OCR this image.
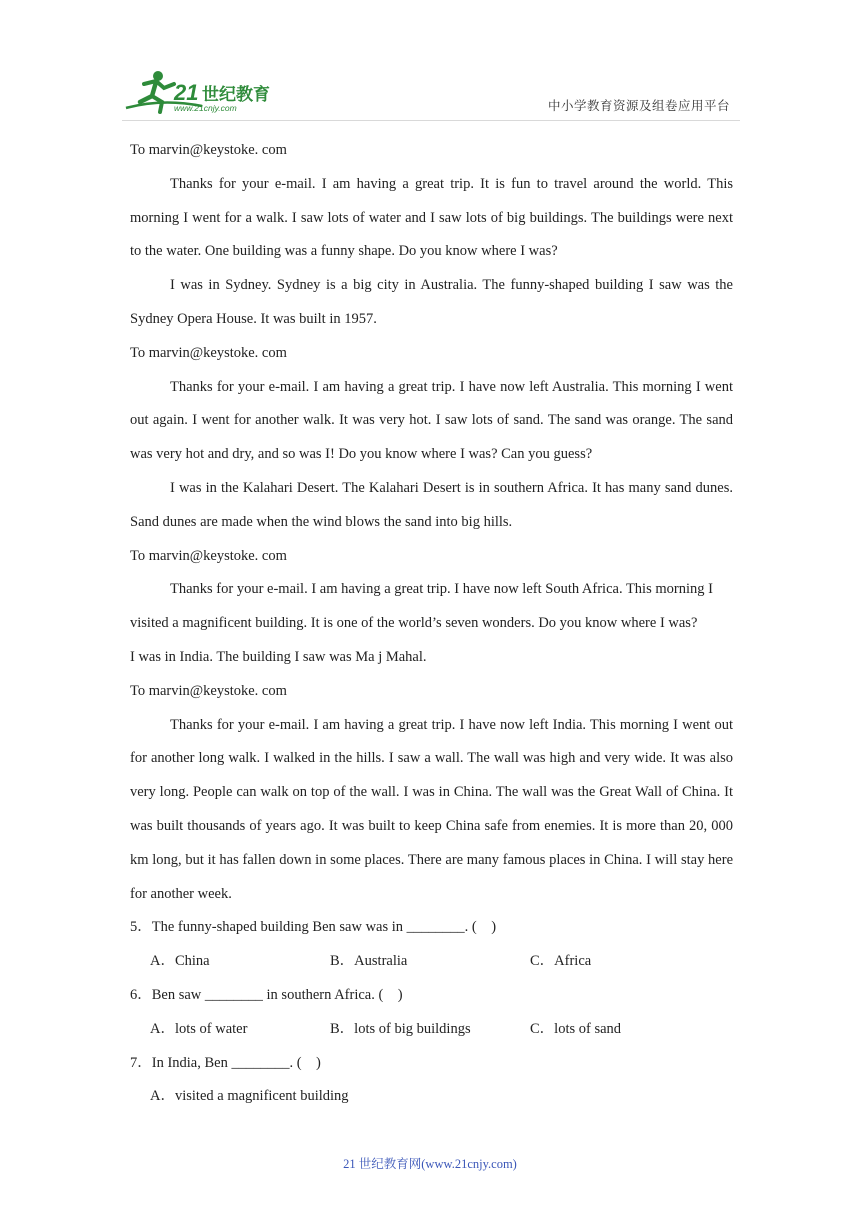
21 世纪教育
www.21cnjy.com	中小学教育资源及组卷应用平台

To marvin@keystoke. com

Thanks for your e-mail. I am having a great trip. It is fun to travel around the world. This morning I went for a walk. I saw lots of water and I saw lots of big buildings. The buildings were next to the water. One building was a funny shape. Do you know where I was?

I was in Sydney. Sydney is a big city in Australia. The funny-shaped building I saw was the Sydney Opera House. It was built in 1957.

To marvin@keystoke. com

Thanks for your e-mail. I am having a great trip. I have now left Australia. This morning I went out again. I went for another walk. It was very hot. I saw lots of sand. The sand was orange. The sand was very hot and dry, and so was I! Do you know where I was? Can you guess?

I was in the Kalahari Desert. The Kalahari Desert is in southern Africa. It has many sand dunes. Sand dunes are made when the wind blows the sand into big hills.

To marvin@keystoke. com

Thanks for your e-mail. I am having a great trip. I have now left South Africa. This morning I visited a magnificent building. It is one of the world’s seven wonders. Do you know where I was?

I was in India. The building I saw was Ma j Mahal.

To marvin@keystoke. com

Thanks for your e-mail. I am having a great trip. I have now left India. This morning I went out for another long walk. I walked in the hills. I saw a wall. The wall was high and very wide. It was also very long. People can walk on top of the wall. I was in China. The wall was the Great Wall of China. It was built thousands of years ago. It was built to keep China safe from enemies. It is more than 20, 000 km long, but it has fallen down in some places. There are many famous places in China. I will stay here for another week.

5．The funny-shaped building Ben saw was in ________. (　)

A．China	B．Australia	C．Africa

6．Ben saw ________ in southern Africa. (　)

A．lots of water	B．lots of big buildings	C．lots of sand

7．In India, Ben ________. (　)

A．visited a magnificent building
21 世纪教育网(www.21cnjy.com)
